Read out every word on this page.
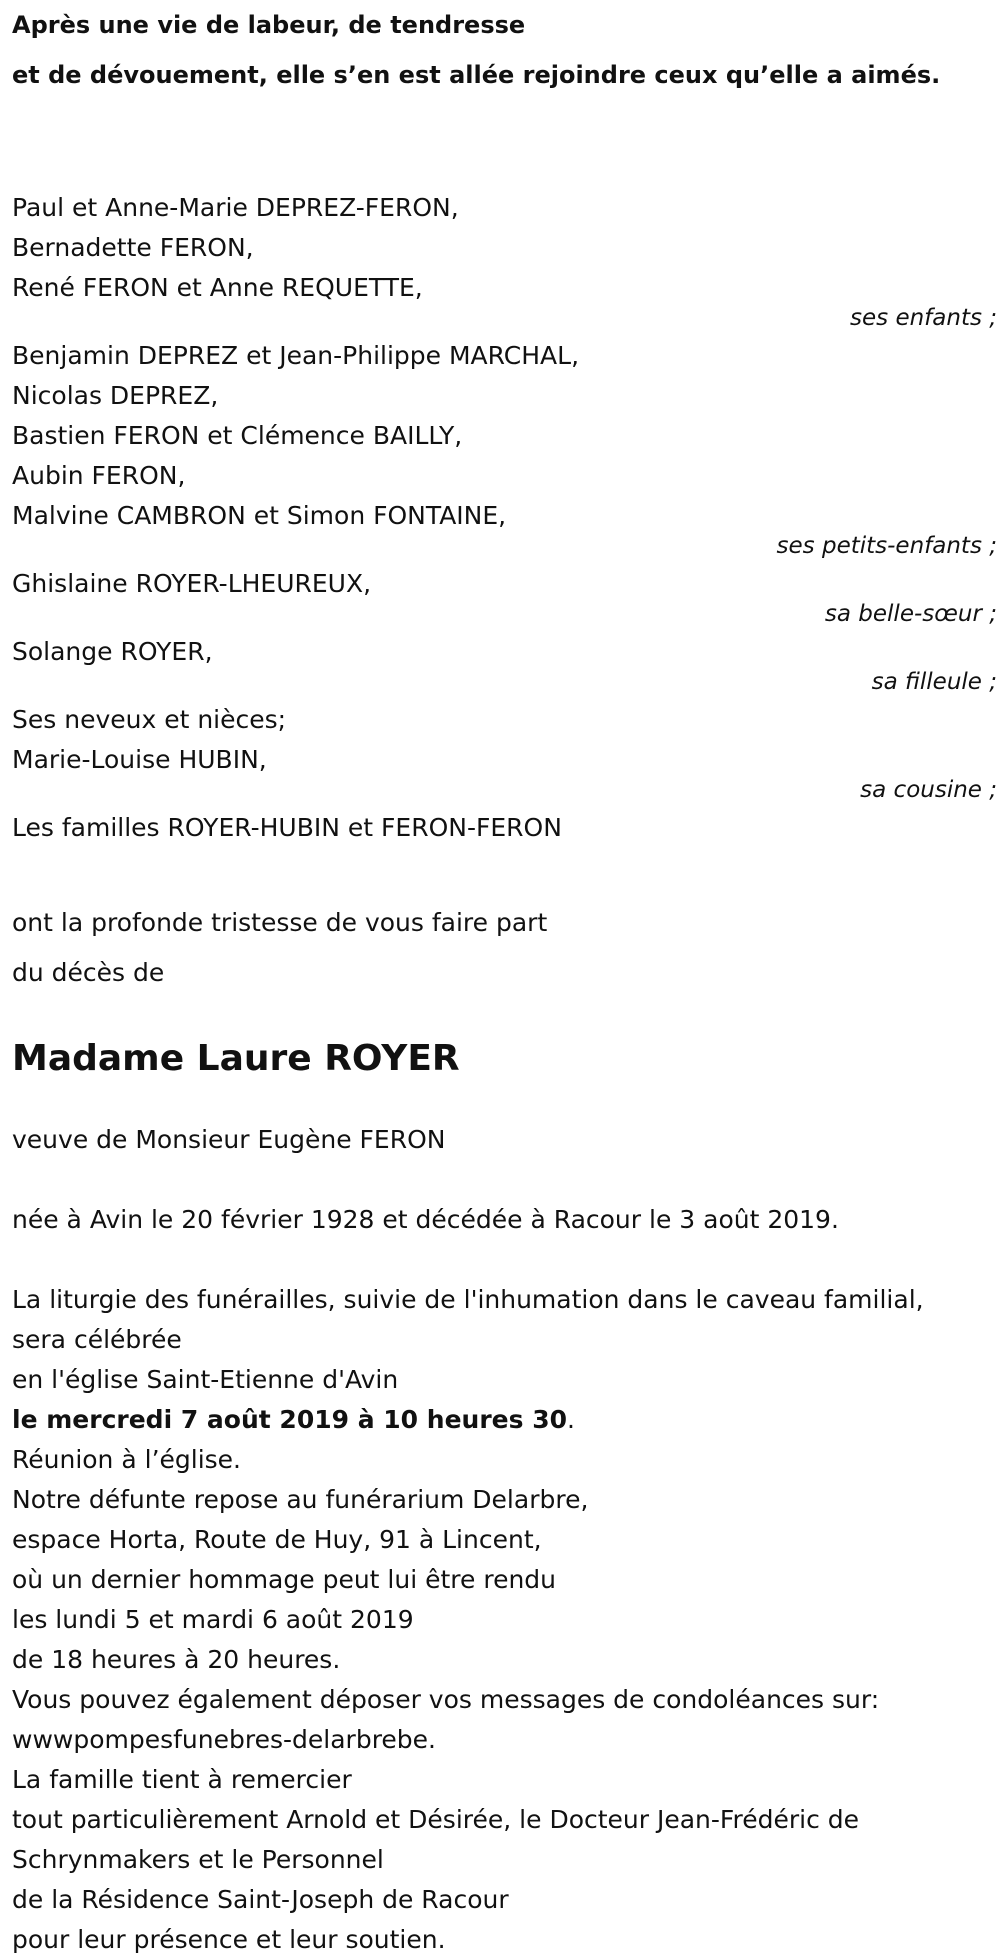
Après une vie de labeur, de tendresse

et de dévouement, elle s’en est allée rejoindre ceux qu’elle a aimés.

Paul et Anne-Marie DEPREZ-FERON,

Bernadette FERON,

René FERON et Anne REQUETTE,

ses enfants ;

Benjamin DEPREZ et Jean-Philippe MARCHAL,

Nicolas DEPREZ,

Bastien FERON et Clémence BAILLY,

Aubin FERON,

Malvine CAMBRON et Simon FONTAINE,

ses petits-enfants ;

Ghislaine ROYER-LHEUREUX,

sa belle-sœur ;

Solange ROYER,

sa filleule ;

Ses neveux et nièces;

Marie-Louise HUBIN,

sa cousine ;

Les familles ROYER-HUBIN et FERON-FERON

ont la profonde tristesse de vous faire part

du décès de

Madame Laure ROYER

veuve de Monsieur Eugène FERON

née à Avin le 20 février 1928 et décédée à Racour le 3 août 2019.

La liturgie des funérailles, suivie de l'inhumation dans le caveau familial,

sera célébrée

en l'église Saint-Etienne d'Avin

le mercredi 7 août 2019 à 10 heures 30.

Réunion à l’église.

Notre défunte repose au funérarium Delarbre,

espace Horta, Route de Huy, 91 à Lincent,

où un dernier hommage peut lui être rendu

les lundi 5 et mardi 6 août 2019

de 18 heures à 20 heures.

Vous pouvez également déposer vos messages de condoléances sur:

wwwpompesfunebres-delarbrebe.

La famille tient à remercier

tout particulièrement Arnold et Désirée, le Docteur Jean-Frédéric de

Schrynmakers et le Personnel

de la Résidence Saint-Joseph de Racour

pour leur présence et leur soutien.
